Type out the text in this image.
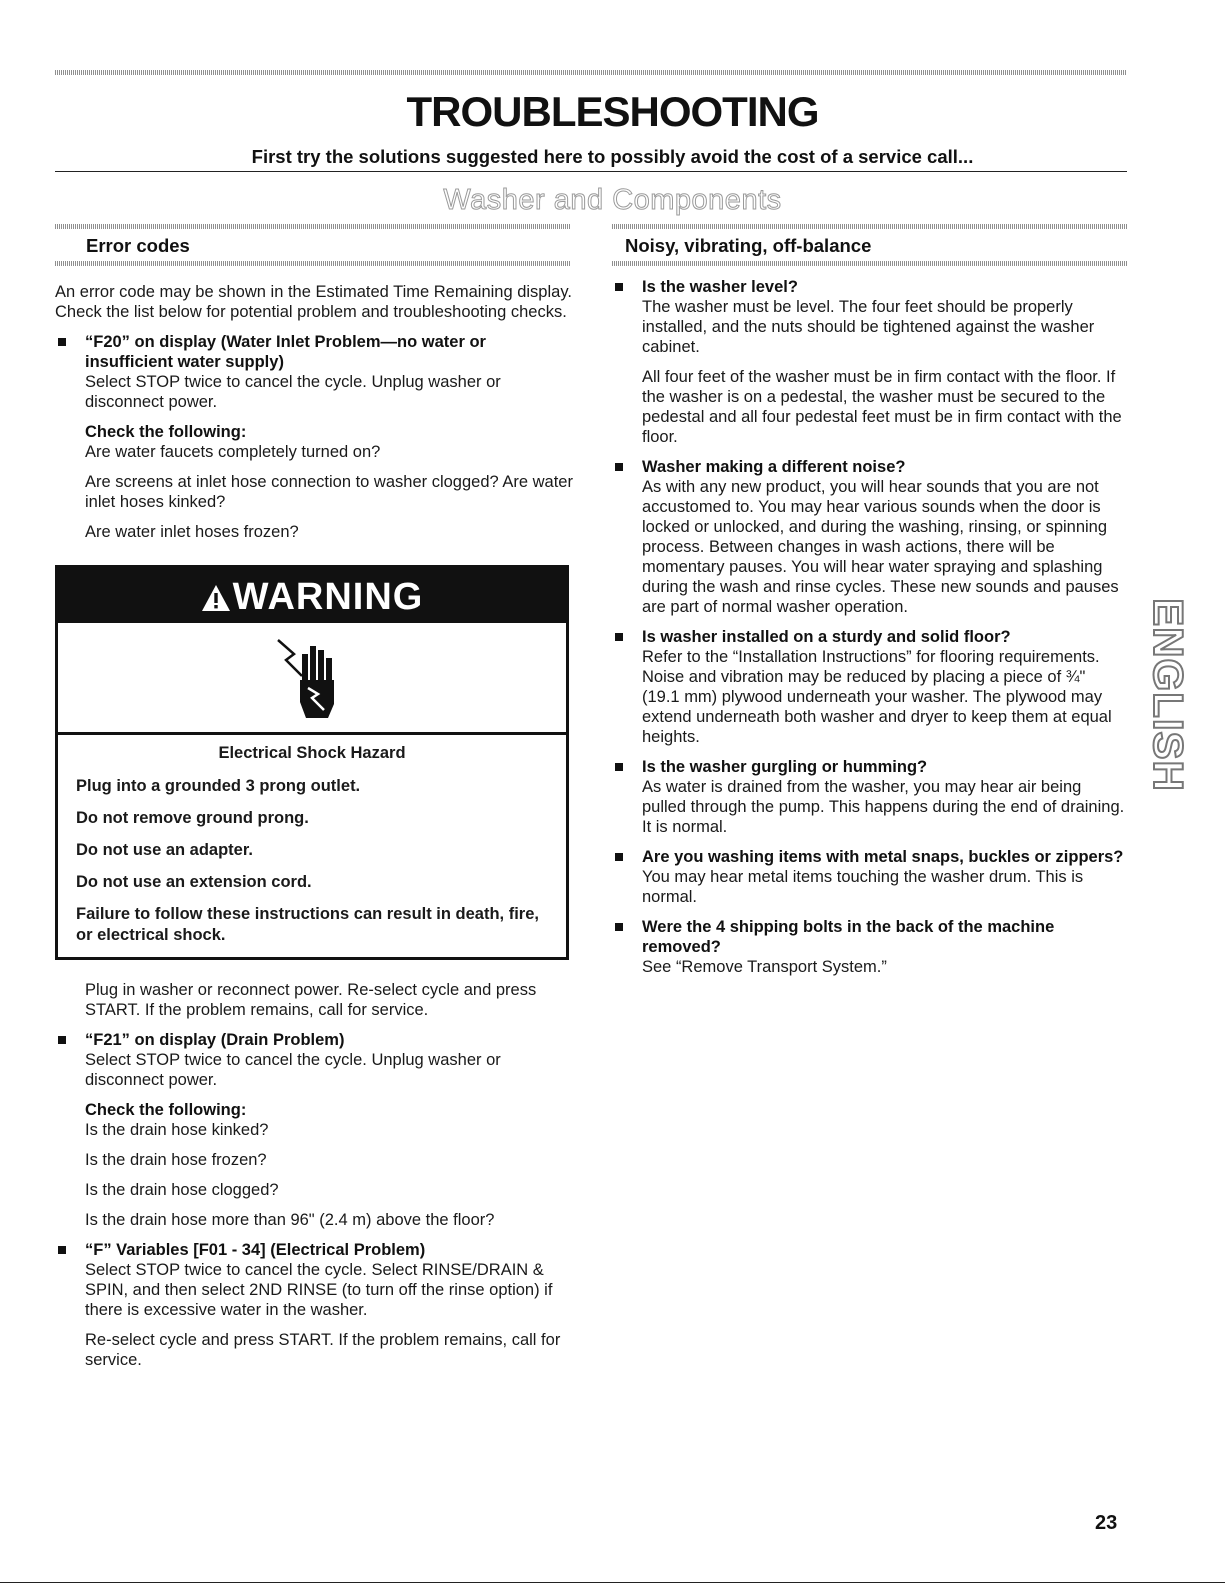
TROUBLESHOOTING
First try the solutions suggested here to possibly avoid the cost of a service call...
Washer and Components
Error codes	Noisy, vibrating, off-balance

An error code may be shown in the Estimated Time Remaining display. Check the list below for potential problem and troubleshooting checks.

“F20” on display (Water Inlet Problem—no water or insufficient water supply)

Select STOP twice to cancel the cycle. Unplug washer or disconnect power.

Check the following:

Are water faucets completely turned on?

Are screens at inlet hose connection to washer clogged? Are water inlet hoses kinked?

Are water inlet hoses frozen?

WARNING
Electrical Shock Hazard

Plug into a grounded 3 prong outlet.

Do not remove ground prong.

Do not use an adapter.

Do not use an extension cord.

Failure to follow these instructions can result in death, fire, or electrical shock.

Plug in washer or reconnect power. Re-select cycle and press START. If the problem remains, call for service.

“F21” on display (Drain Problem)

Select STOP twice to cancel the cycle. Unplug washer or disconnect power.

Check the following:

Is the drain hose kinked?

Is the drain hose frozen?

Is the drain hose clogged?

Is the drain hose more than 96" (2.4 m) above the floor?

“F” Variables [F01 - 34] (Electrical Problem)

Select STOP twice to cancel the cycle. Select RINSE/DRAIN & SPIN, and then select 2ND RINSE (to turn off the rinse option) if there is excessive water in the washer.

Re-select cycle and press START. If the problem remains, call for service.

Is the washer level?

The washer must be level. The four feet should be properly installed, and the nuts should be tightened against the washer cabinet.

All four feet of the washer must be in firm contact with the floor. If the washer is on a pedestal, the washer must be secured to the pedestal and all four pedestal feet must be in firm contact with the floor.

Washer making a different noise?

As with any new product, you will hear sounds that you are not accustomed to. You may hear various sounds when the door is locked or unlocked, and during the washing, rinsing, or spinning process. Between changes in wash actions, there will be momentary pauses. You will hear water spraying and splashing during the wash and rinse cycles. These new sounds and pauses are part of normal washer operation.

Is washer installed on a sturdy and solid floor?

Refer to the “Installation Instructions” for flooring requirements. Noise and vibration may be reduced by placing a piece of ¾" (19.1 mm) plywood underneath your washer. The plywood may extend underneath both washer and dryer to keep them at equal heights.

Is the washer gurgling or humming?

As water is drained from the washer, you may hear air being pulled through the pump. This happens during the end of draining. It is normal.

Are you washing items with metal snaps, buckles or zippers?

You may hear metal items touching the washer drum. This is normal.

Were the 4 shipping bolts in the back of the machine removed?

See “Remove Transport System.”

ENGLISH
23
